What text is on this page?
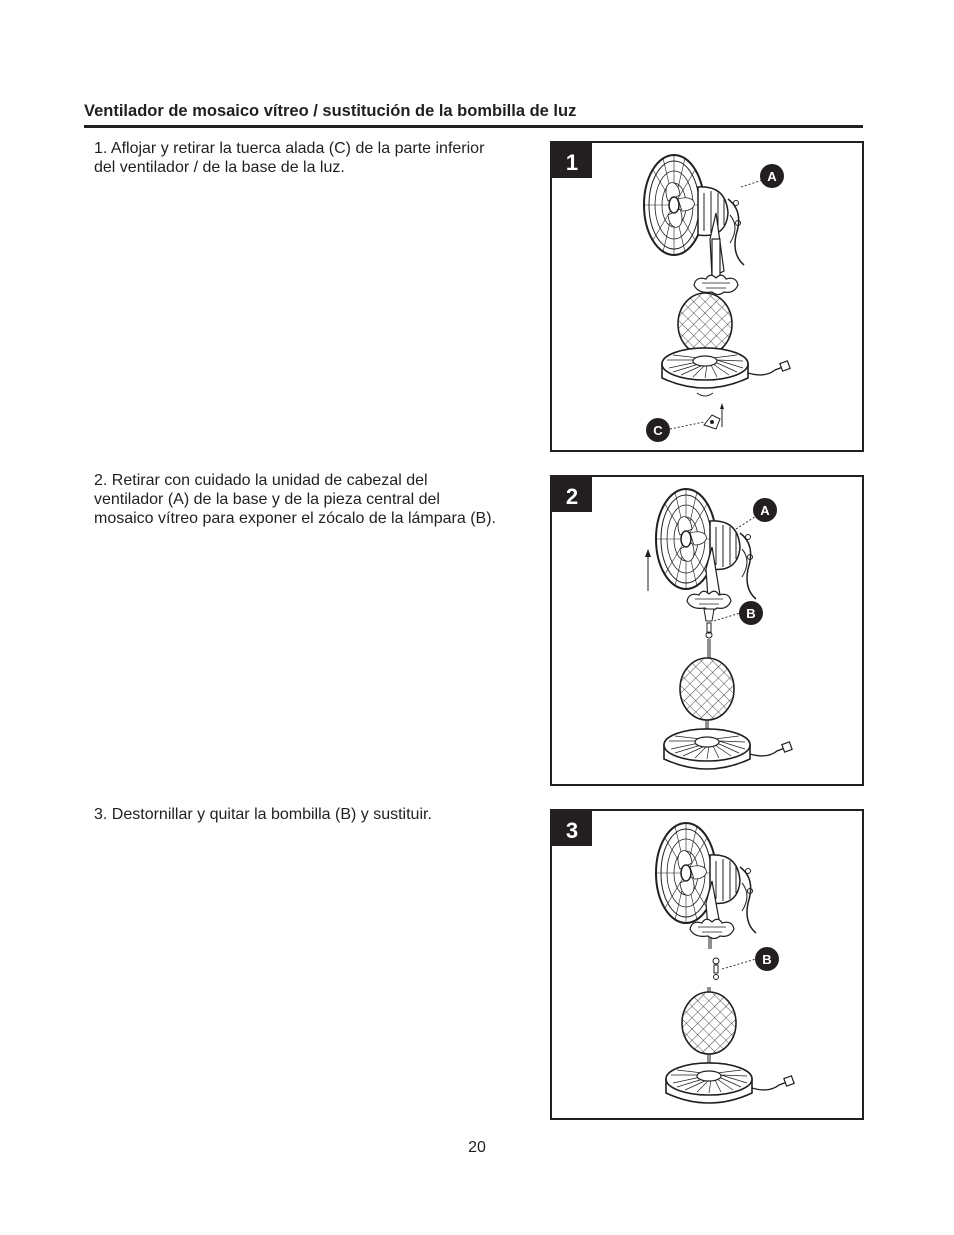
Ventilador de mosaico vítreo / sustitución de la bombilla de luz
1. Aflojar y retirar la tuerca alada (C) de la parte inferior
del ventilador / de la base de la luz.	1
A
C
2. Retirar con cuidado la unidad de cabezal del
ventilador (A) de la base y de la pieza central del
mosaico vítreo para exponer el zócalo de la lámpara (B).
2
A
B
3. Destornillar y quitar la bombilla (B) y sustituir.
3
B
20
